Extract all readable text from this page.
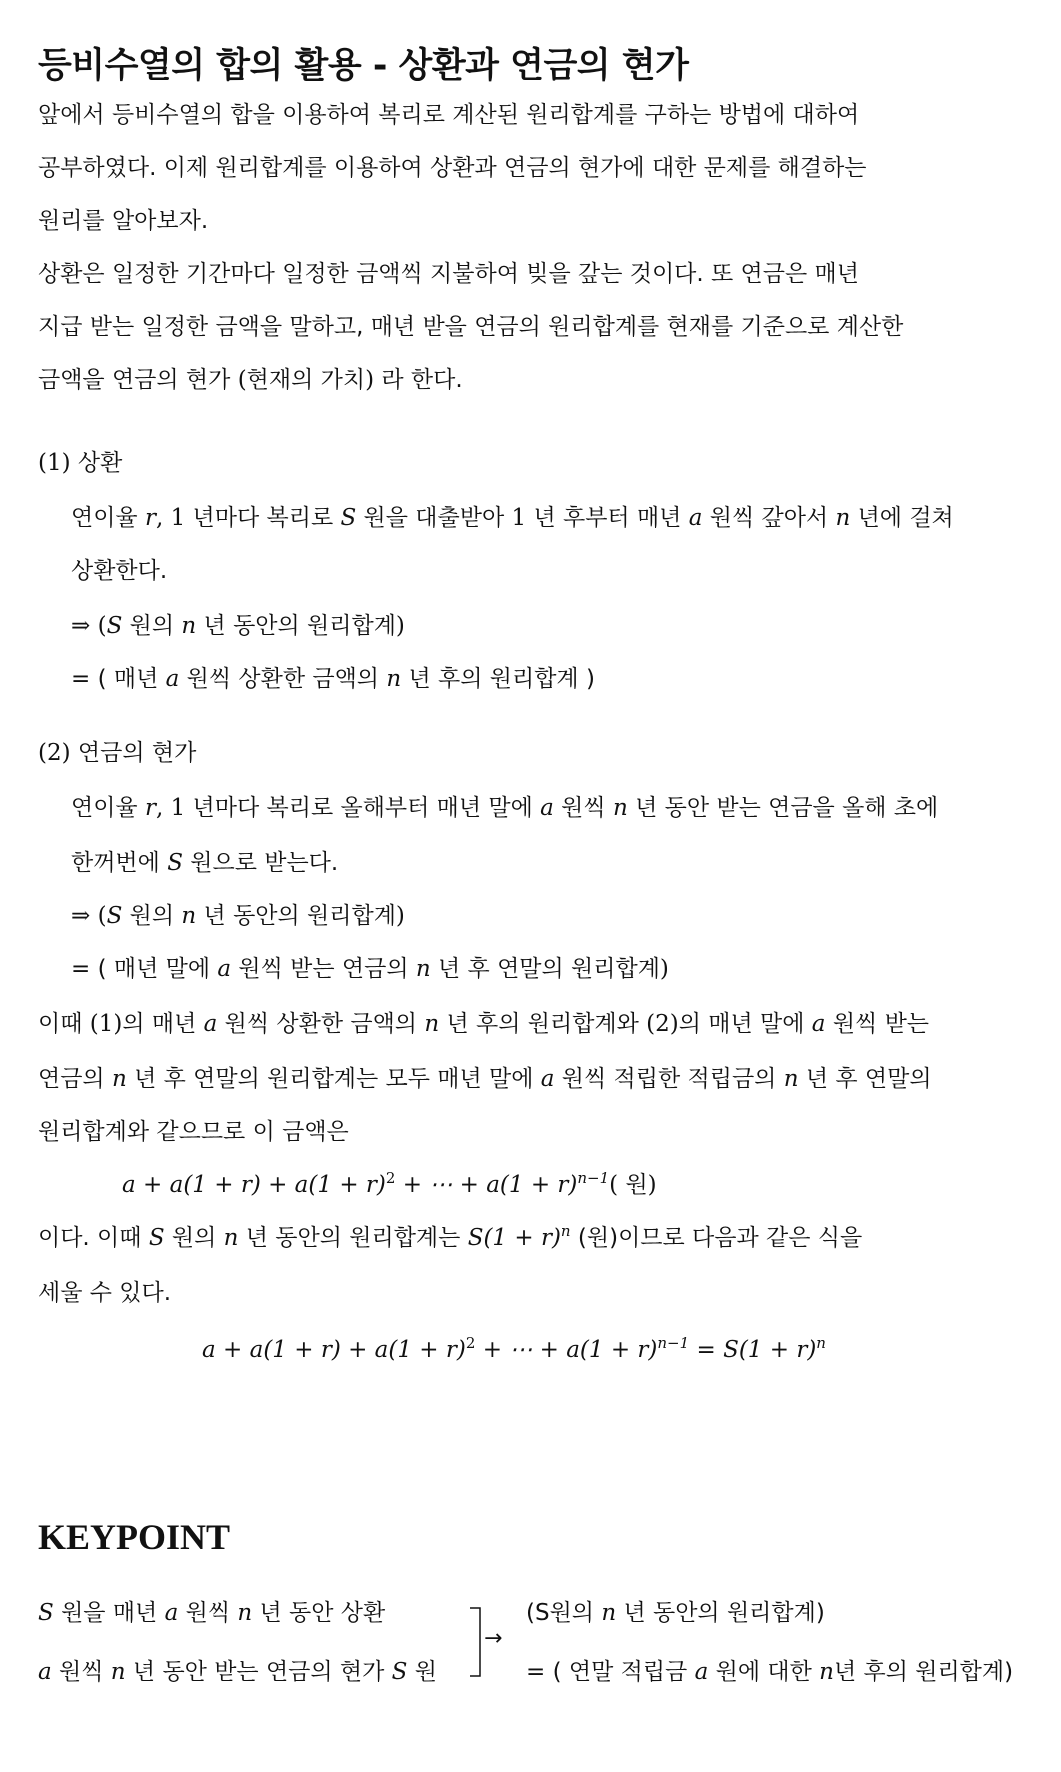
등비수열의 합의 활용 - 상환과 연금의 현가
앞에서 등비수열의 합을 이용하여 복리로 계산된 원리합계를 구하는 방법에 대하여
공부하였다. 이제 원리합계를 이용하여 상환과 연금의 현가에 대한 문제를 해결하는
원리를 알아보자.
상환은 일정한 기간마다 일정한 금액씩 지불하여 빚을 갚는 것이다. 또 연금은 매년
지급 받는 일정한 금액을 말하고, 매년 받을 연금의 원리합계를 현재를 기준으로 계산한
금액을 연금의 현가 (현재의 가치) 라 한다.
(1) 상환
연이율 r, 1 년마다 복리로 S 원을 대출받아 1 년 후부터 매년 a 원씩 갚아서 n 년에 걸쳐
상환한다.
⇒ (S 원의 n 년 동안의 원리합계)
= ( 매년 a 원씩 상환한 금액의 n 년 후의 원리합계 )
(2) 연금의 현가
연이율 r, 1 년마다 복리로 올해부터 매년 말에 a 원씩 n 년 동안 받는 연금을 올해 초에
한꺼번에 S 원으로 받는다.
⇒ (S 원의 n 년 동안의 원리합계)
= ( 매년 말에 a 원씩 받는 연금의 n 년 후 연말의 원리합계)
이때 (1)의 매년 a 원씩 상환한 금액의 n 년 후의 원리합계와 (2)의 매년 말에 a 원씩 받는
연금의 n 년 후 연말의 원리합계는 모두 매년 말에 a 원씩 적립한 적립금의 n 년 후 연말의
원리합계와 같으므로 이 금액은
$a + a(1 + r) + a(1 + r)^2$ + ⋯ + $a(1 + r)^{n-1}$( 원)
이다. 이때 S 원의 n 년 동안의 원리합계는 $S(1 + r)^n$ (원)이므로 다음과 같은 식을
세울 수 있다.
$a + a(1 + r) + a(1 + r)^2$ + ⋯ + $a(1 + r)^{n-1} = S(1 + r)^n$
KEYPOINT
S 원을 매년 a 원씩 n 년 동안 상환
a 원씩 n 년 동안 받는 연금의 현가 S 원
→
(S원의 n 년 동안의 원리합계)
= ( 연말 적립금 a 원에 대한 n년 후의 원리합계)
